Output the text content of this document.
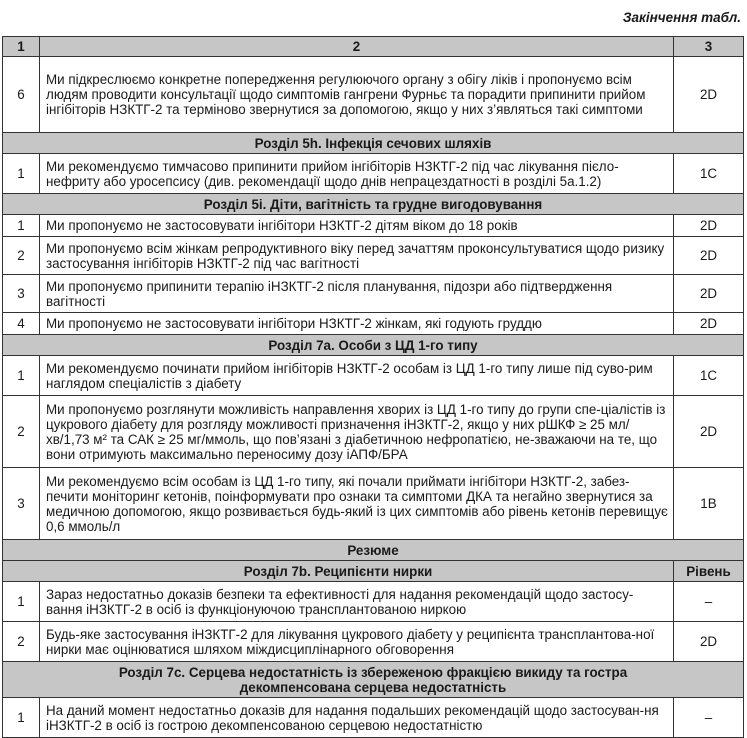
Закінчення табл.
1	2	3
6	Ми підкреслюємо конкретне попередження регулюючого органу з обігу ліків і пропонуємо всім людям проводити консультації щодо симптомів гангрени Фурньє та порадити припинити прийом інгібіторів НЗКТГ-2 та терміново звернутися за допомогою, якщо у них з’являться такі симптоми	2D
Розділ 5h. Інфекція сечових шляхів		
1	Ми рекомендуємо тимчасово припинити прийом інгібіторів НЗКТГ-2 під час лікування пієло-нефриту або уросепсису (див. рекомендації щодо днів непрацездатності в розділі 5а.1.2)	1C
Розділ 5і. Діти, вагітність та грудне вигодовування		
1	Ми пропонуємо не застосовувати інгібітори НЗКТГ-2 дітям віком до 18 років	2D
2	Ми пропонуємо всім жінкам репродуктивного віку перед зачаттям проконсультуватися щодо ризику застосування інгібіторів НЗКТГ-2 під час вагітності	2D
3	Ми пропонуємо припинити терапію іНЗКТГ-2 після планування, підозри або підтвердження вагітності	2D
4	Ми пропонуємо не застосовувати інгібітори НЗКТГ-2 жінкам, які годують груддю	2D
Розділ 7а. Особи з ЦД 1-го типу		
1	Ми рекомендуємо починати прийом інгібіторів НЗКТГ-2 особам із ЦД 1-го типу лише під суво-рим наглядом спеціалістів з діабету	1C
2	Ми пропонуємо розглянути можливість направлення хворих із ЦД 1-го типу до групи спе-ціалістів із цукрового діабету для розгляду можливості призначення іНЗКТГ-2, якщо у них рШКФ ≥ 25 мл/хв/1,73 м² та САК ≥ 25 мг/ммоль, що пов’язані з діабетичною нефропатією, не-зважаючи на те, що вони отримують максимально переносиму дозу іАПФ/БРА	2D
3	Ми рекомендуємо всім особам із ЦД 1-го типу, які почали приймати інгібітори НЗКТГ-2, забез-печити моніторинг кетонів, поінформувати про ознаки та симптоми ДКА та негайно звернутися за медичною допомогою, якщо розвивається будь-який із цих симптомів або рівень кетонів перевищує 0,6 ммоль/л	1B
Резюме		
Розділ 7b. Реципієнти нирки		Рівень
1	Зараз недостатньо доказів безпеки та ефективності для надання рекомендацій щодо застосу-вання іНЗКТГ-2 в осіб із функціонуючою трансплантованою ниркою	–
2	Будь-яке застосування іНЗКТГ-2 для лікування цукрового діабету у реципієнта трансплантова-ної нирки має оцінюватися шляхом міждисциплінарного обговорення	2D
Розділ 7с. Серцева недостатність із збереженою фракцією викиду та гостра декомпенсована серцева недостатність		
1	На даний момент недостатньо доказів для надання подальших рекомендацій щодо застосуван-ня іНЗКТГ-2 в осіб із гострою декомпенсованою серцевою недостатністю	–
